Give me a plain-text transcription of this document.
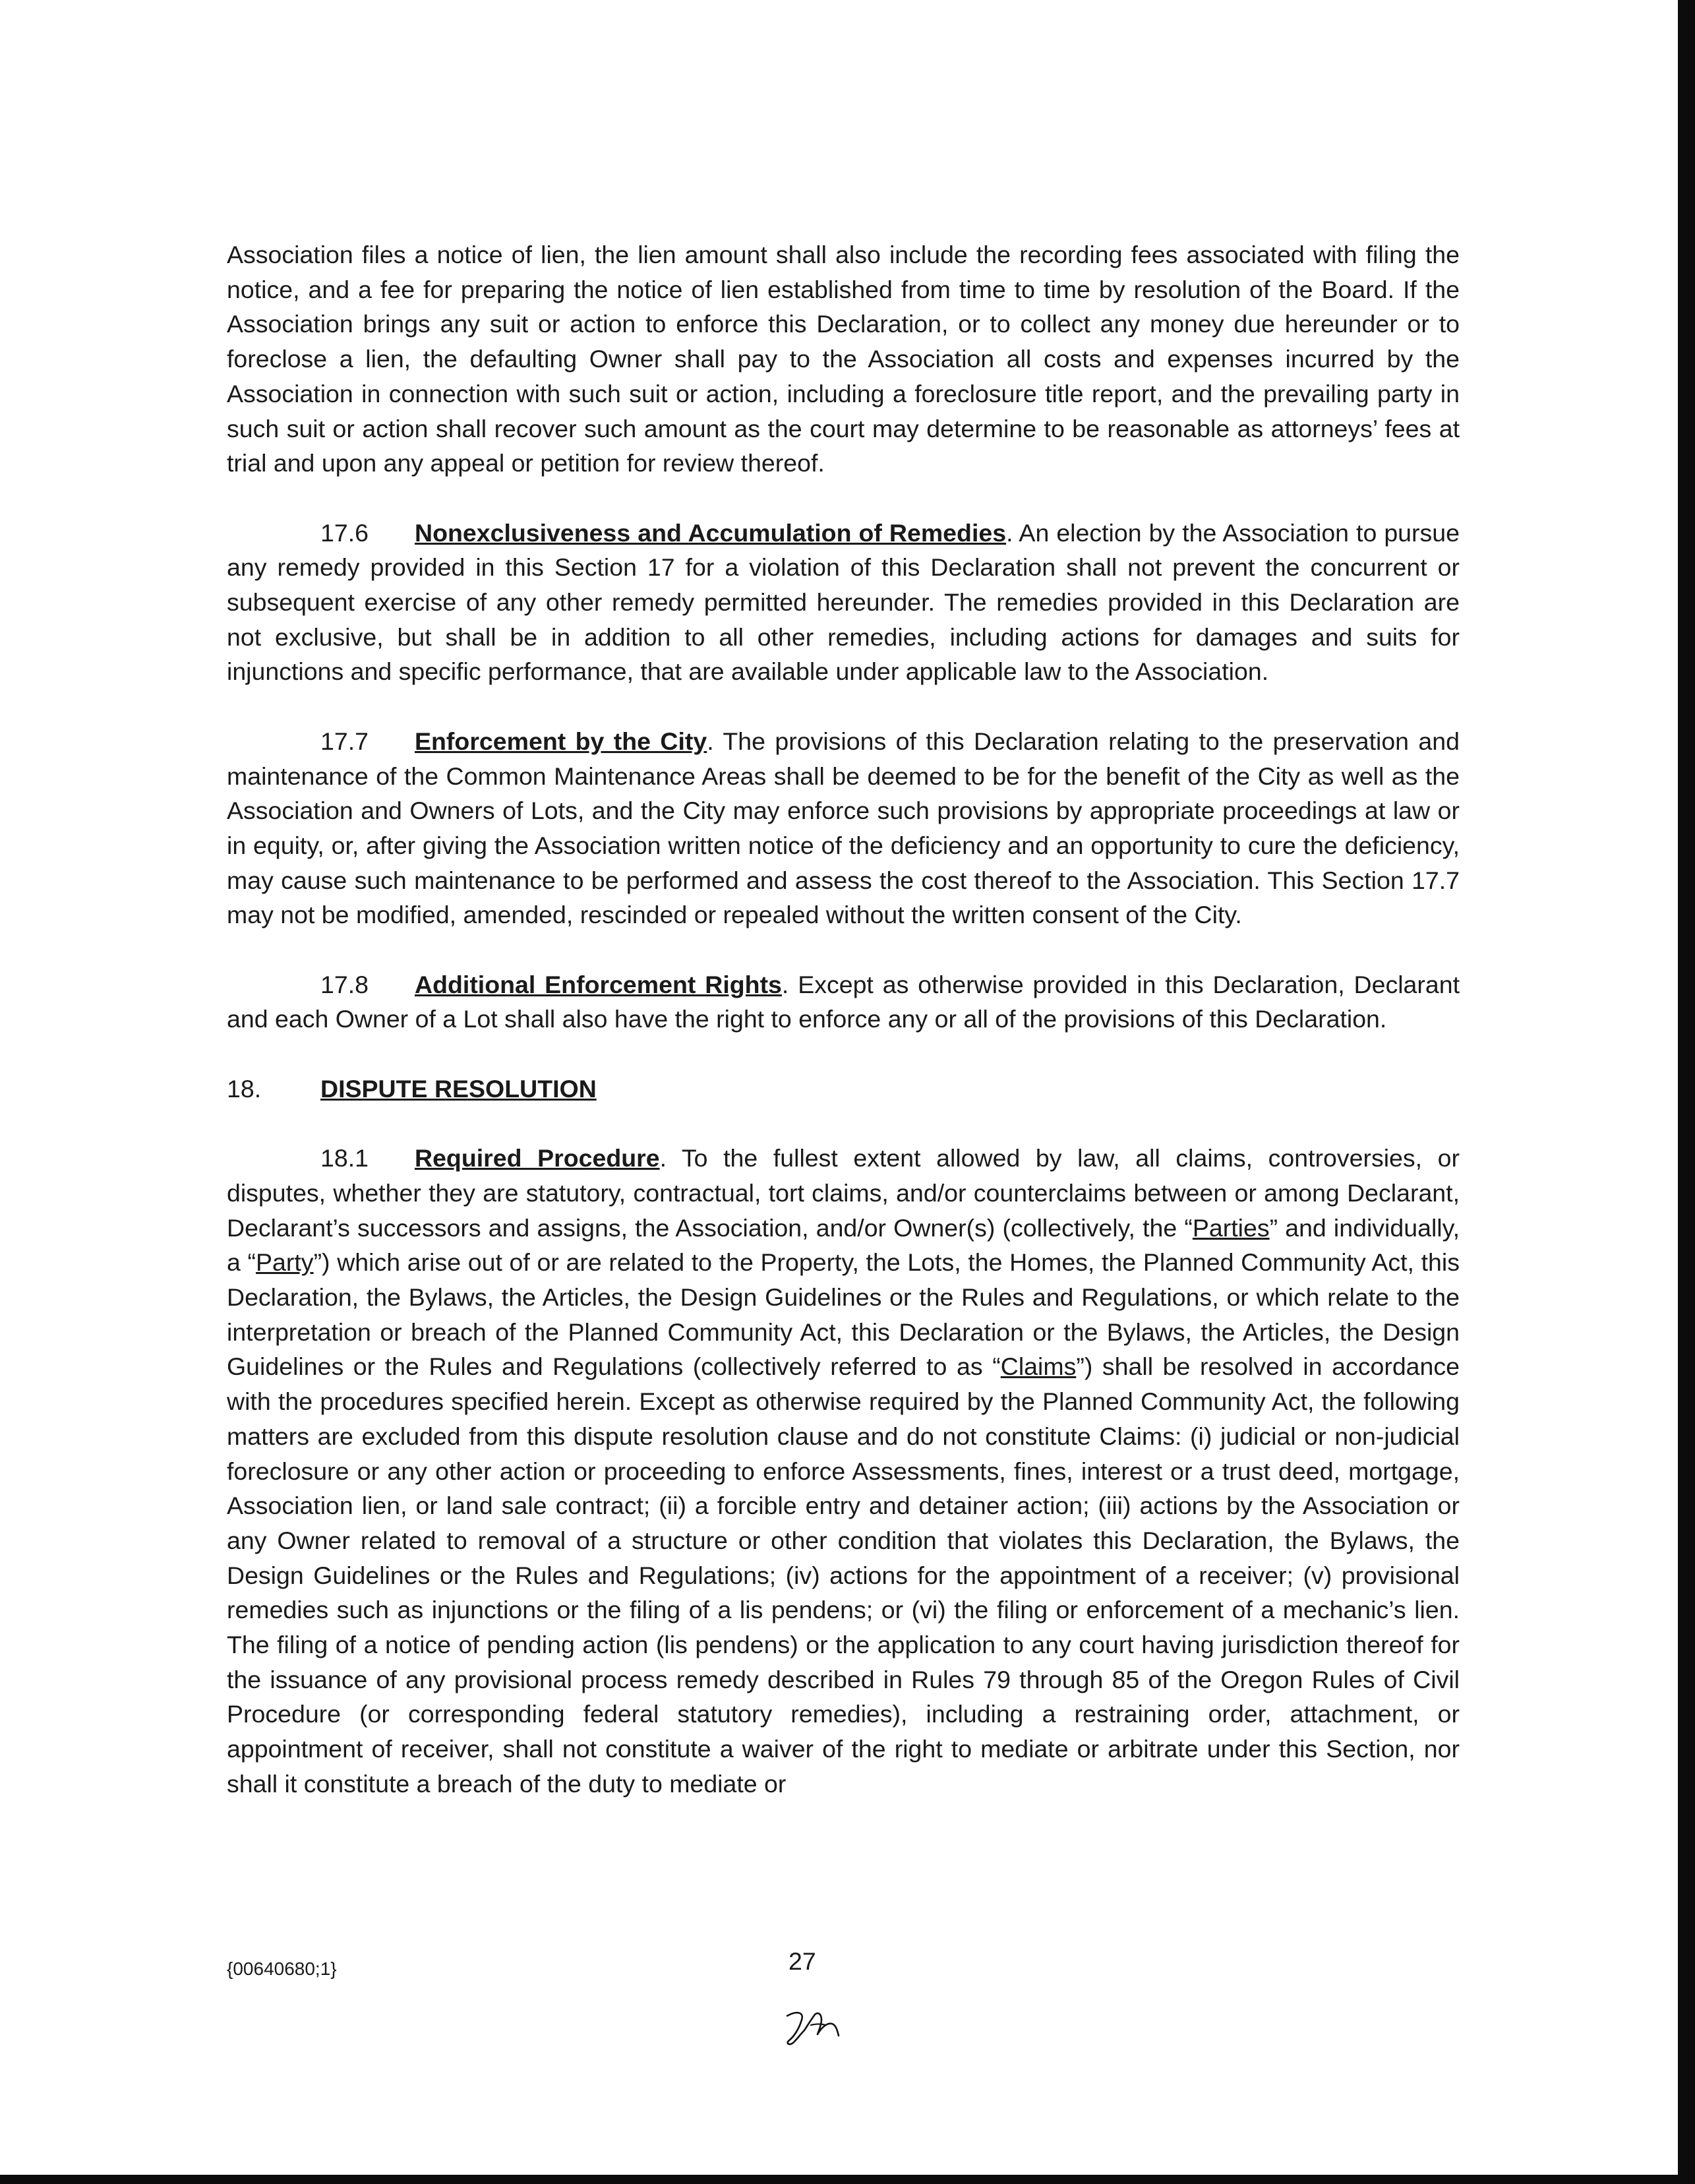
Association files a notice of lien, the lien amount shall also include the recording fees associated with filing the notice, and a fee for preparing the notice of lien established from time to time by resolution of the Board. If the Association brings any suit or action to enforce this Declaration, or to collect any money due hereunder or to foreclose a lien, the defaulting Owner shall pay to the Association all costs and expenses incurred by the Association in connection with such suit or action, including a foreclosure title report, and the prevailing party in such suit or action shall recover such amount as the court may determine to be reasonable as attorneys’ fees at trial and upon any appeal or petition for review thereof.

17.6 Nonexclusiveness and Accumulation of Remedies. An election by the Association to pursue any remedy provided in this Section 17 for a violation of this Declaration shall not prevent the concurrent or subsequent exercise of any other remedy permitted hereunder. The remedies provided in this Declaration are not exclusive, but shall be in addition to all other remedies, including actions for damages and suits for injunctions and specific performance, that are available under applicable law to the Association.

17.7 Enforcement by the City. The provisions of this Declaration relating to the preservation and maintenance of the Common Maintenance Areas shall be deemed to be for the benefit of the City as well as the Association and Owners of Lots, and the City may enforce such provisions by appropriate proceedings at law or in equity, or, after giving the Association written notice of the deficiency and an opportunity to cure the deficiency, may cause such maintenance to be performed and assess the cost thereof to the Association. This Section 17.7 may not be modified, amended, rescinded or repealed without the written consent of the City.

17.8 Additional Enforcement Rights. Except as otherwise provided in this Declaration, Declarant and each Owner of a Lot shall also have the right to enforce any or all of the provisions of this Declaration.

18. DISPUTE RESOLUTION

18.1 Required Procedure. To the fullest extent allowed by law, all claims, controversies, or disputes, whether they are statutory, contractual, tort claims, and/or counterclaims between or among Declarant, Declarant’s successors and assigns, the Association, and/or Owner(s) (collectively, the “Parties” and individually, a “Party”) which arise out of or are related to the Property, the Lots, the Homes, the Planned Community Act, this Declaration, the Bylaws, the Articles, the Design Guidelines or the Rules and Regulations, or which relate to the interpretation or breach of the Planned Community Act, this Declaration or the Bylaws, the Articles, the Design Guidelines or the Rules and Regulations (collectively referred to as “Claims”) shall be resolved in accordance with the procedures specified herein. Except as otherwise required by the Planned Community Act, the following matters are excluded from this dispute resolution clause and do not constitute Claims: (i) judicial or non-judicial foreclosure or any other action or proceeding to enforce Assessments, fines, interest or a trust deed, mortgage, Association lien, or land sale contract; (ii) a forcible entry and detainer action; (iii) actions by the Association or any Owner related to removal of a structure or other condition that violates this Declaration, the Bylaws, the Design Guidelines or the Rules and Regulations; (iv) actions for the appointment of a receiver; (v) provisional remedies such as injunctions or the filing of a lis pendens; or (vi) the filing or enforcement of a mechanic’s lien. The filing of a notice of pending action (lis pendens) or the application to any court having jurisdiction thereof for the issuance of any provisional process remedy described in Rules 79 through 85 of the Oregon Rules of Civil Procedure (or corresponding federal statutory remedies), including a restraining order, attachment, or appointment of receiver, shall not constitute a waiver of the right to mediate or arbitrate under this Section, nor shall it constitute a breach of the duty to mediate or

{00640680;1}	27
